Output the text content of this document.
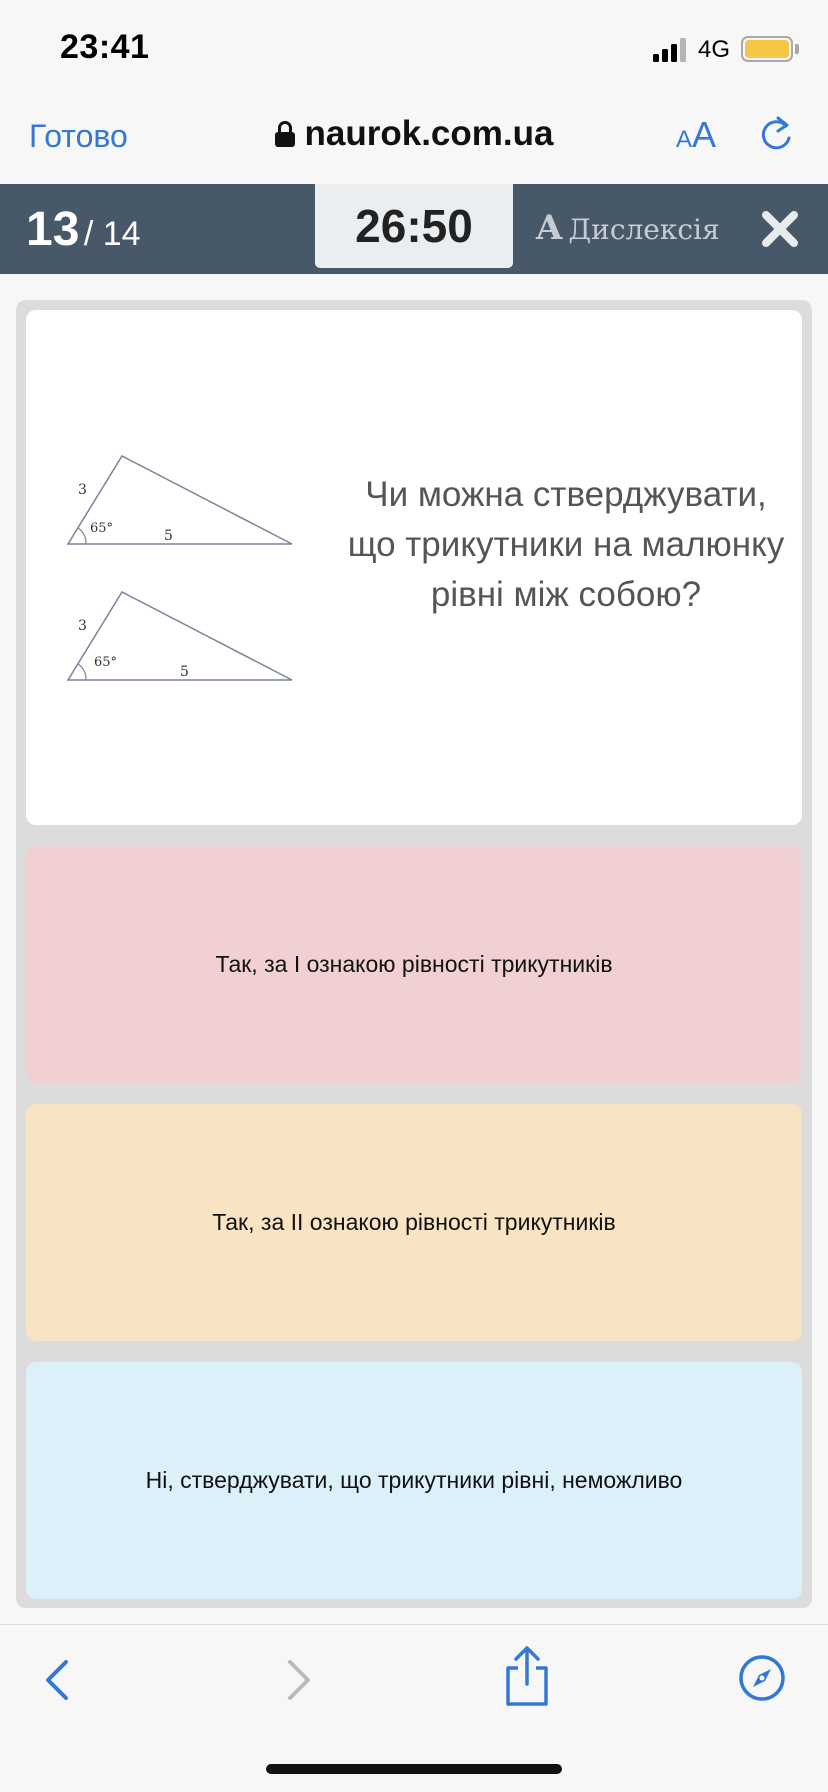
23:41	4G
Готово	naurok.com.ua	AA
13 / 14	26:50	A Дислексія
3
65°	5
3
65°
5
Чи можна стверджувати, що трикутники на малюнку рівні між собою?
Так, за І ознакою рівності трикутників
Так, за ІІ ознакою рівності трикутників
Ні, стверджувати, що трикутники рівні, неможливо
